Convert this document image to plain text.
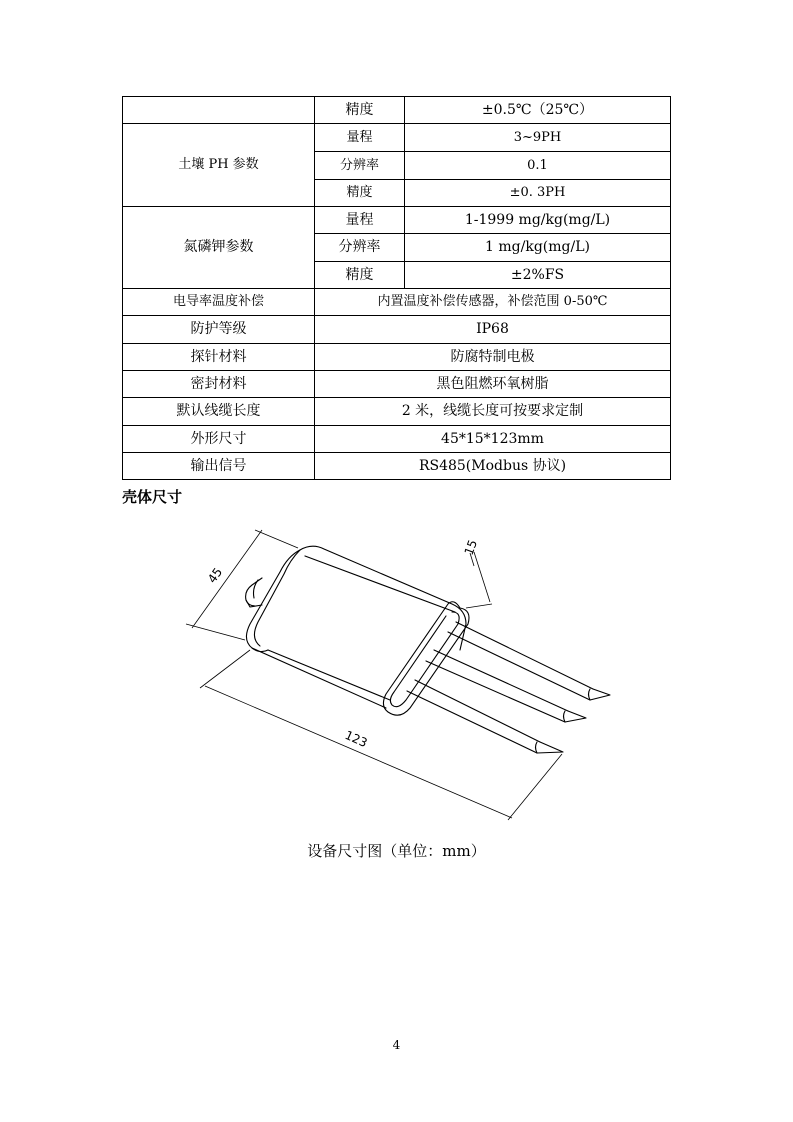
	精度	±0.5℃（25℃）
土壤 PH 参数	量程	3~9PH
	分辨率	0.1
	精度	±0. 3PH
氮磷钾参数	量程	1-1999 mg/kg(mg/L)
	分辨率	1 mg/kg(mg/L)
	精度	±2%FS
电导率温度补偿	内置温度补偿传感器，补偿范围 0-50℃	
防护等级	IP68	
探针材料	防腐特制电极	
密封材料	黑色阻燃环氧树脂	
默认线缆长度	2 米，线缆长度可按要求定制	
外形尺寸	45*15*123mm	
输出信号	RS485(Modbus 协议)	
壳体尺寸
45
15
123
设备尺寸图（单位：mm）
4
